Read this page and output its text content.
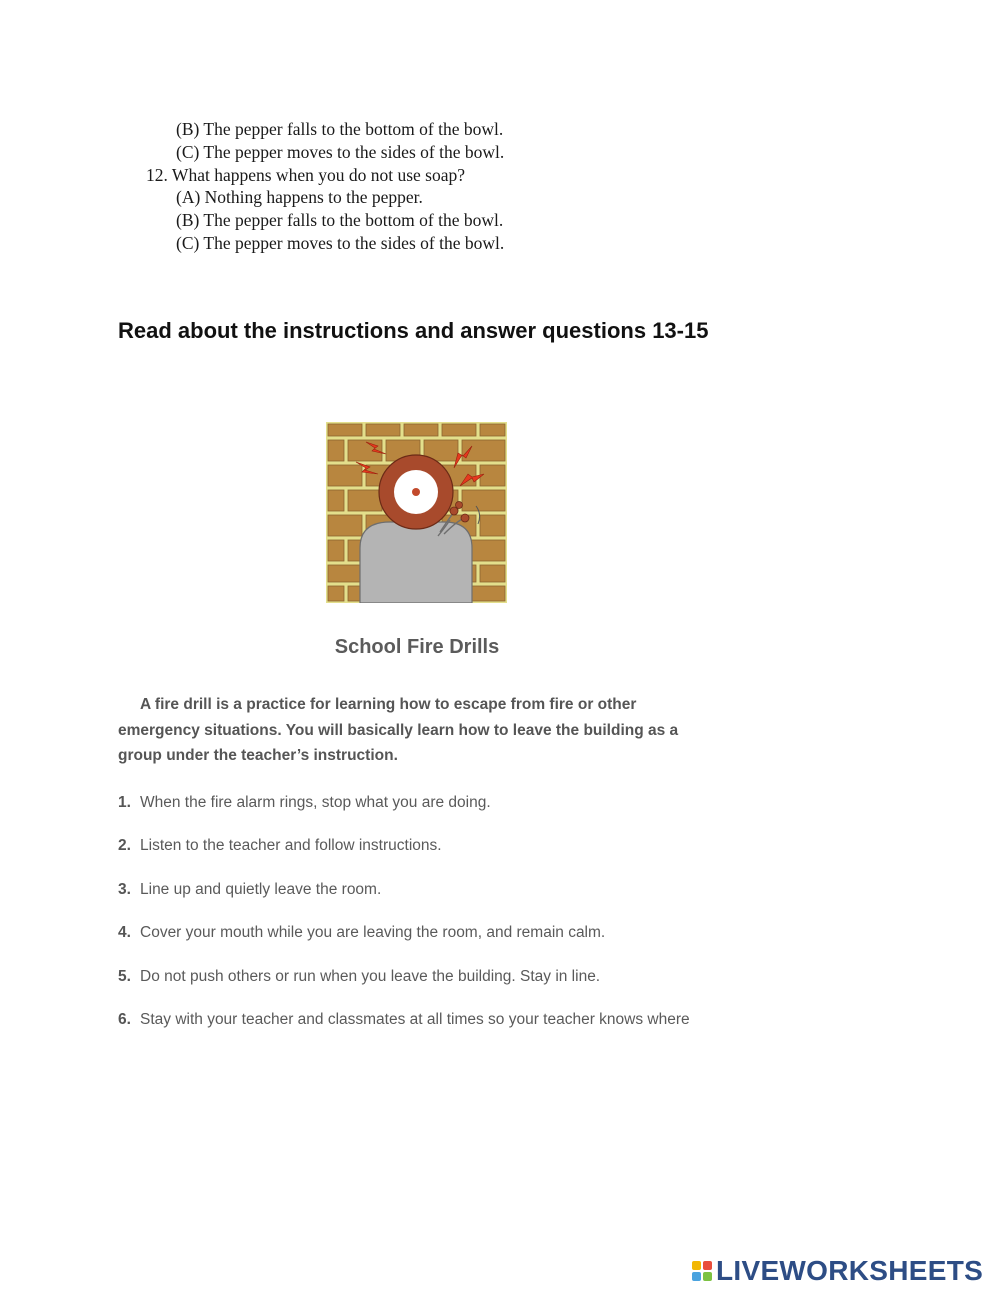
(B) The pepper falls to the bottom of the bowl.
(C) The pepper moves to the sides of the bowl.
12. What happens when you do not use soap?
(A) Nothing happens to the pepper.
(B) The pepper falls to the bottom of the bowl.
(C) The pepper moves to the sides of the bowl.
Read about the instructions and answer questions 13-15
School Fire Drills
A fire drill is a practice for learning how to escape from fire or other emergency situations. You will basically learn how to leave the building as a group under the teacher’s instruction.
1. When the fire alarm rings, stop what you are doing.
2. Listen to the teacher and follow instructions.
3. Line up and quietly leave the room.
4. Cover your mouth while you are leaving the room, and remain calm.
5. Do not push others or run when you leave the building. Stay in line.
6. Stay with your teacher and classmates at all times so your teacher knows where
LIVEWORKSHEETS
